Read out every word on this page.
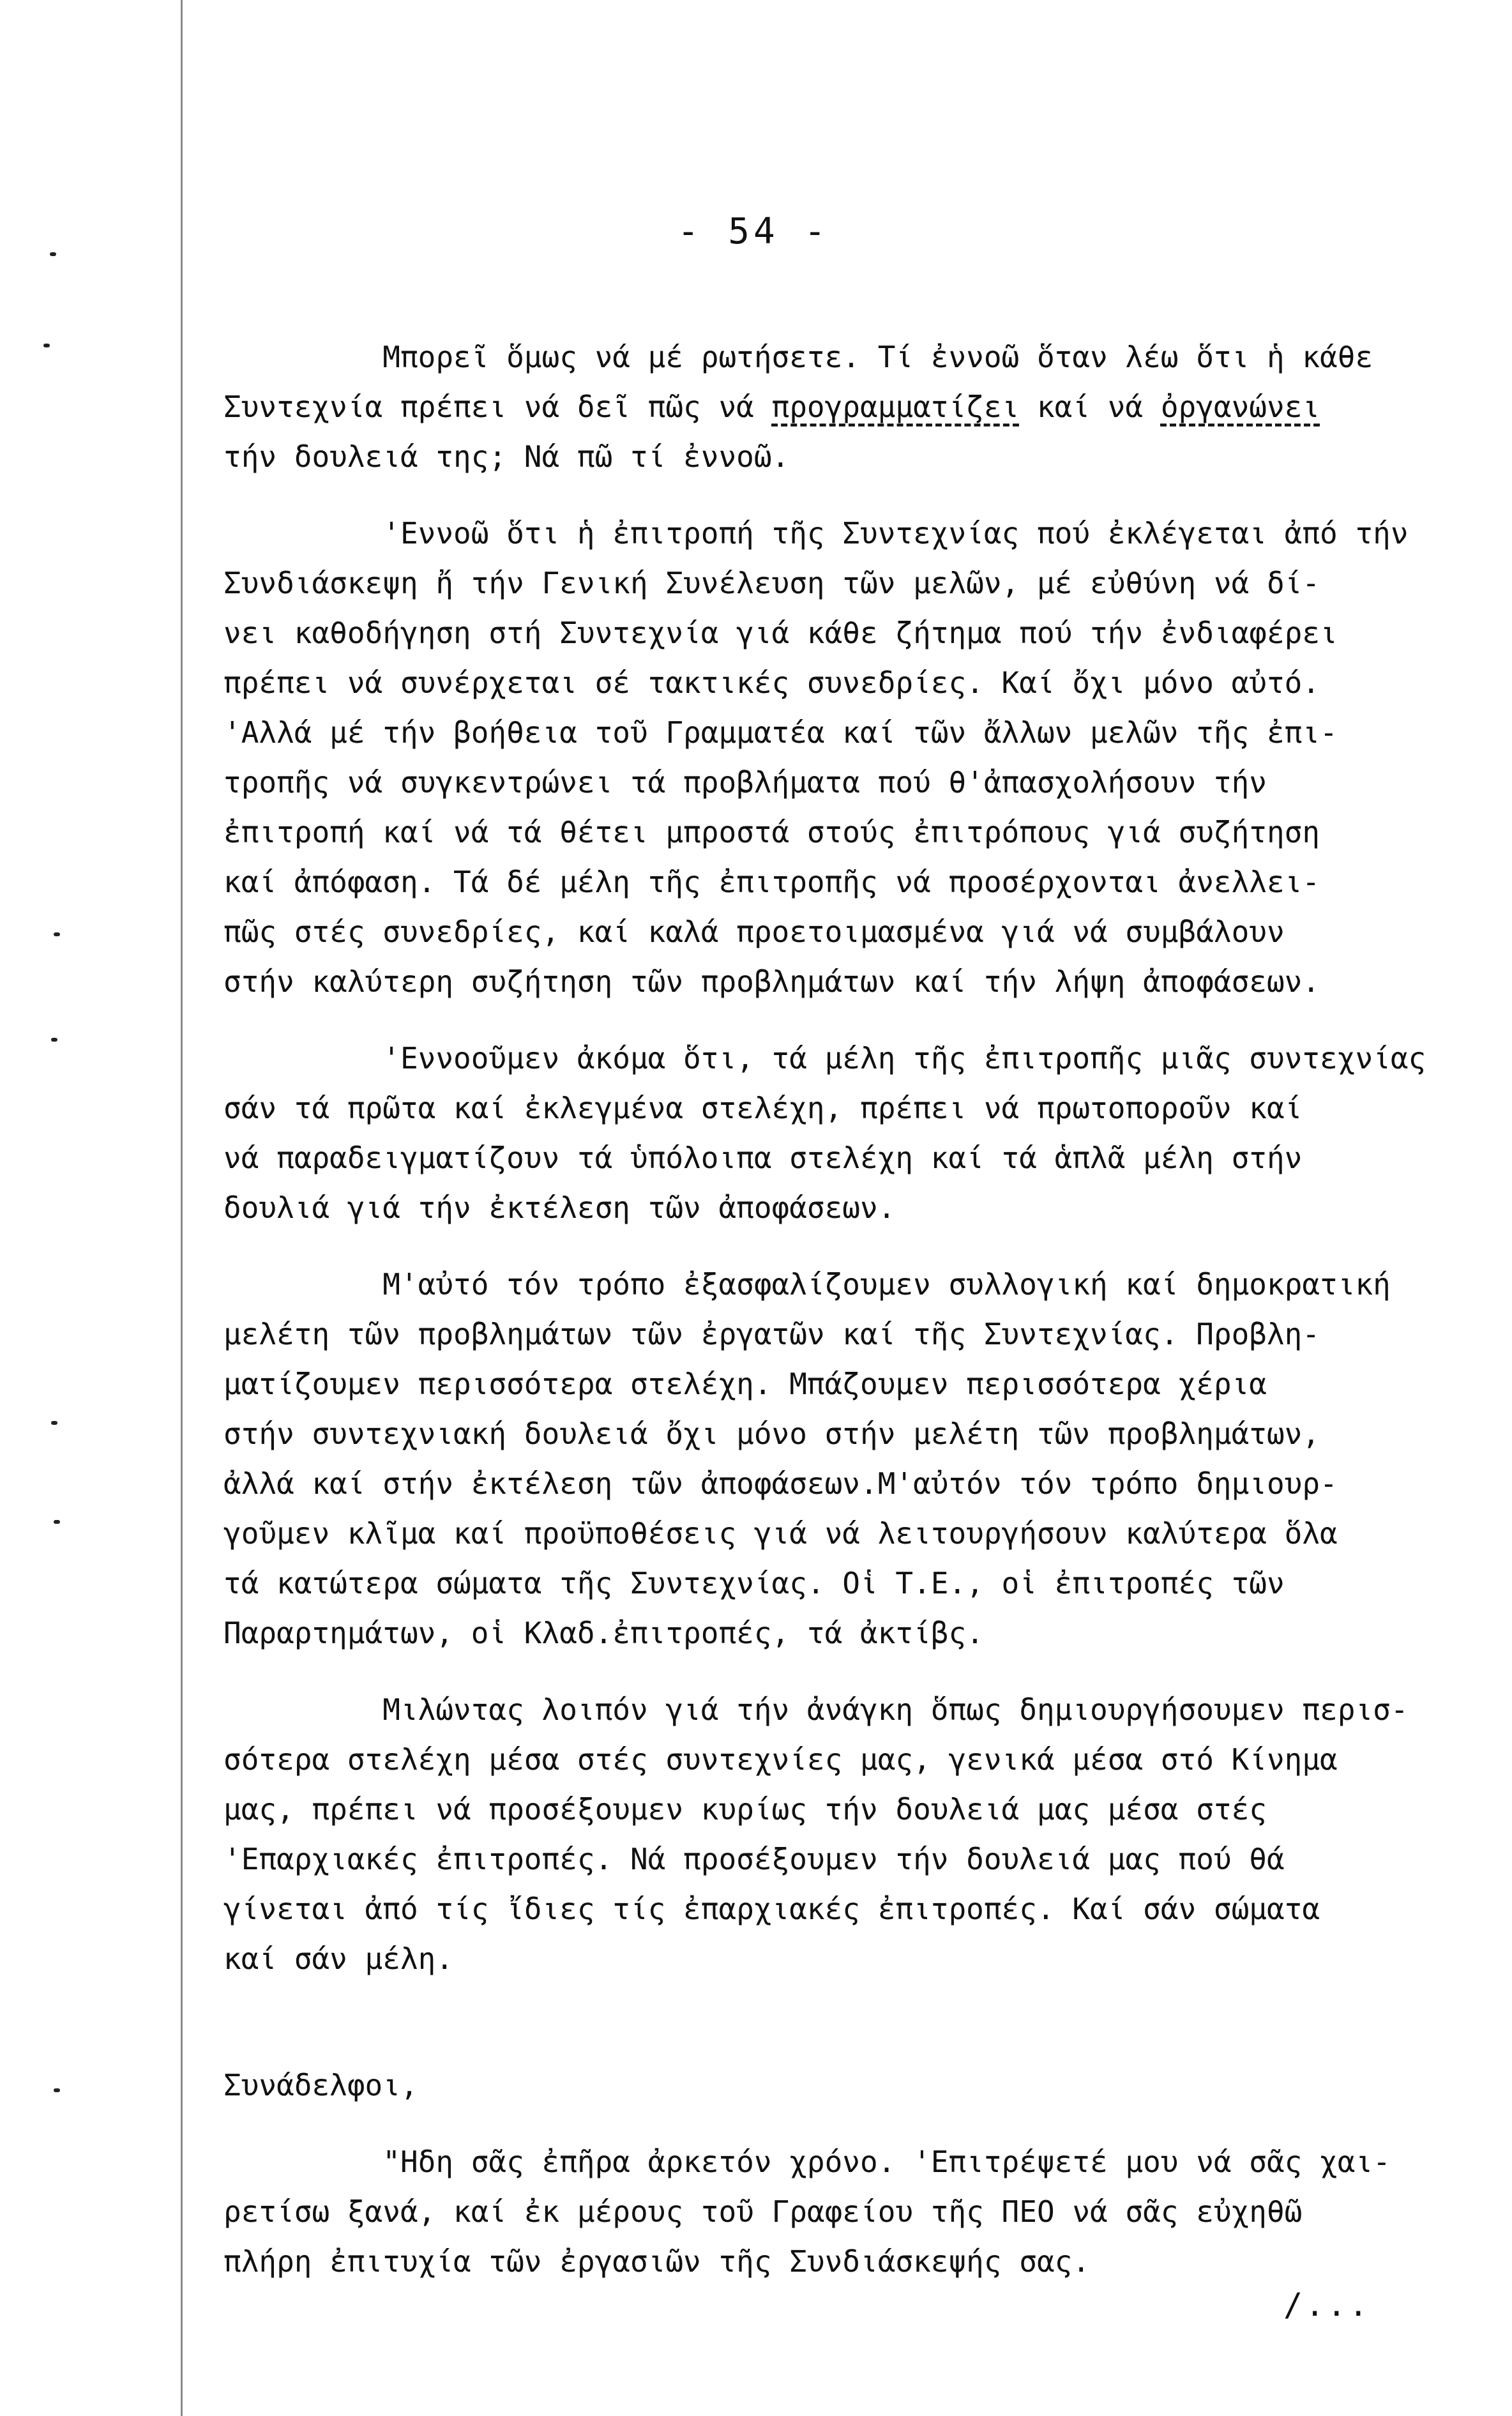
- 54 -
Μπορεῖ ὅμως νά μέ ρωτήσετε. Τί ἐννοῶ ὅταν λέω ὅτι ἡ κάθε
Συντεχνία πρέπει νά δεῖ πῶς νά προγραμματίζει καί νά ὀργανώνει
τήν δουλειά της; Νά πῶ τί ἐννοῶ.
'Εννοῶ ὅτι ἡ ἐπιτροπή τῆς Συντεχνίας πού ἐκλέγεται ἀπό τήν
Συνδιάσκεψη ἤ τήν Γενική Συνέλευση τῶν μελῶν, μέ εὐθύνη νά δί-
νει καθοδήγηση στή Συντεχνία γιά κάθε ζήτημα πού τήν ἐνδιαφέρει
πρέπει νά συνέρχεται σέ τακτικές συνεδρίες. Καί ὄχι μόνο αὐτό.
'Αλλά μέ τήν βοήθεια τοῦ Γραμματέα καί τῶν ἄλλων μελῶν τῆς ἐπι-
τροπῆς νά συγκεντρώνει τά προβλήματα πού θ'ἀπασχολήσουν τήν
ἐπιτροπή καί νά τά θέτει μπροστά στούς ἐπιτρόπους γιά συζήτηση
καί ἀπόφαση. Τά δέ μέλη τῆς ἐπιτροπῆς νά προσέρχονται ἀνελλει-
πῶς στές συνεδρίες, καί καλά προετοιμασμένα γιά νά συμβάλουν
στήν καλύτερη συζήτηση τῶν προβλημάτων καί τήν λήψη ἀποφάσεων.
'Εννοοῦμεν ἀκόμα ὅτι, τά μέλη τῆς ἐπιτροπῆς μιᾶς συντεχνίας
σάν τά πρῶτα καί ἐκλεγμένα στελέχη, πρέπει νά πρωτοποροῦν καί
νά παραδειγματίζουν τά ὑπόλοιπα στελέχη καί τά ἁπλᾶ μέλη στήν
δουλιά γιά τήν ἐκτέλεση τῶν ἀποφάσεων.
Μ'αὐτό τόν τρόπο ἐξασφαλίζουμεν συλλογική καί δημοκρατική
μελέτη τῶν προβλημάτων τῶν ἐργατῶν καί τῆς Συντεχνίας. Προβλη-
ματίζουμεν περισσότερα στελέχη. Μπάζουμεν περισσότερα χέρια
στήν συντεχνιακή δουλειά ὄχι μόνο στήν μελέτη τῶν προβλημάτων,
ἀλλά καί στήν ἐκτέλεση τῶν ἀποφάσεων.Μ'αὐτόν τόν τρόπο δημιουρ-
γοῦμεν κλῖμα καί προϋποθέσεις γιά νά λειτουργήσουν καλύτερα ὅλα
τά κατώτερα σώματα τῆς Συντεχνίας. Οἱ Τ.Ε., οἱ ἐπιτροπές τῶν
Παραρτημάτων, οἱ Κλαδ.ἐπιτροπές, τά ἀκτίβς.
Μιλώντας λοιπόν γιά τήν ἀνάγκη ὅπως δημιουργήσουμεν περισ-
σότερα στελέχη μέσα στές συντεχνίες μας, γενικά μέσα στό Κίνημα
μας, πρέπει νά προσέξουμεν κυρίως τήν δουλειά μας μέσα στές
'Επαρχιακές ἐπιτροπές. Νά προσέξουμεν τήν δουλειά μας πού θά
γίνεται ἀπό τίς ἴδιες τίς ἐπαρχιακές ἐπιτροπές. Καί σάν σώματα
καί σάν μέλη.
Συνάδελφοι,
"Ηδη σᾶς ἐπῆρα ἀρκετόν χρόνο. 'Επιτρέψετέ μου νά σᾶς χαι-
ρετίσω ξανά, καί ἐκ μέρους τοῦ Γραφείου τῆς ΠΕΟ νά σᾶς εὐχηθῶ
πλήρη ἐπιτυχία τῶν ἐργασιῶν τῆς Συνδιάσκεψής σας.
/...
